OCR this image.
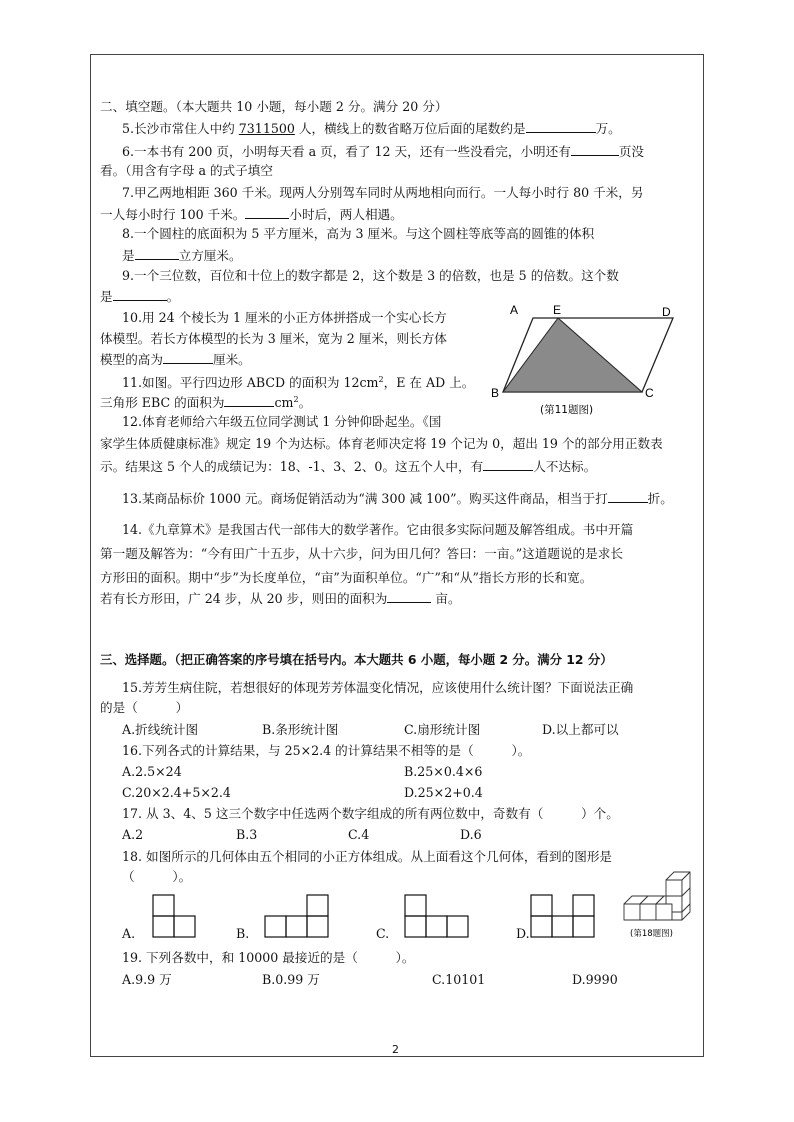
二、填空题。（本大题共 10 小题，每小题 2 分。满分 20 分）
5.长沙市常住人中约 7311500 人，横线上的数省略万位后面的尾数约是	万。
6.一本书有 200 页，小明每天看 a 页，看了 12 天，还有一些没看完，小明还有	页没
看。（用含有字母 a 的式子填空
7.甲乙两地相距 360 千米。现两人分别驾车同时从两地相向而行。一人每小时行 80 千米，另
一人每小时行 100 千米。	小时后，两人相遇。
8.一个圆柱的底面积为 5 平方厘米，高为 3 厘米。与这个圆柱等底等高的圆锥的体积
是	立方厘米。
9.一个三位数，百位和十位上的数字都是 2，这个数是 3 的倍数，也是 5 的倍数。这个数
是	。
10.用 24 个棱长为 1 厘米的小正方体拼搭成一个实心长方
体模型。若长方体模型的长为 3 厘米，宽为 2 厘米，则长方体
模型的高为	厘米。
11.如图。平行四边形 ABCD 的面积为 $12cm^2$，E 在 AD 上。
三角形 EBC 的面积为	$cm^2$。
A	E	D
B	C
(第11题图)
12.体育老师给六年级五位同学测试 1 分钟仰卧起坐。《国
家学生体质健康标准》规定 19 个为达标。体育老师决定将 19 个记为 0，超出 19 个的部分用正数表
示。结果这 5 个人的成绩记为：18、-1、3、2、0。这五个人中，有	人不达标。
13.某商品标价 1000 元。商场促销活动为“满 300 减 100”。购买这件商品，相当于打	折。
14.《九章算术》是我国古代一部伟大的数学著作。它由很多实际问题及解答组成。书中开篇
第一题及解答为：“今有田广十五步，从十六步，问为田几何？答曰：一亩。”这道题说的是求长
方形田的面积。期中“步”为长度单位，“亩”为面积单位。“广”和“从”指长方形的长和宽。
若有长方形田，广 24 步，从 20 步，则田的面积为	亩。
三、选择题。（把正确答案的序号填在括号内。本大题共 6 小题，每小题 2 分。满分 12 分）
15.芳芳生病住院，若想很好的体现芳芳体温变化情况，应该使用什么统计图？下面说法正确
的是（　　　）
A.折线统计图	B.条形统计图	C.扇形统计图	D.以上都可以
16.下列各式的计算结果，与 25×2.4 的计算结果不相等的是（　　　）。
A.2.5×24	B.25×0.4×6
C.20×2.4+5×2.4	D.25×2+0.4
17. 从 3、4、5 这三个数字中任选两个数字组成的所有两位数中，奇数有（　　　）个。
A.2	B.3	C.4	D.6
18. 如图所示的几何体由五个相同的小正方体组成。从上面看这个几何体，看到的图形是
（　　　）。
A.	B.	C.	D.	(第18题图)
19. 下列各数中，和 10000 最接近的是（　　　）。
A.9.9 万	B.0.99 万	C.10101	D.9990
2
